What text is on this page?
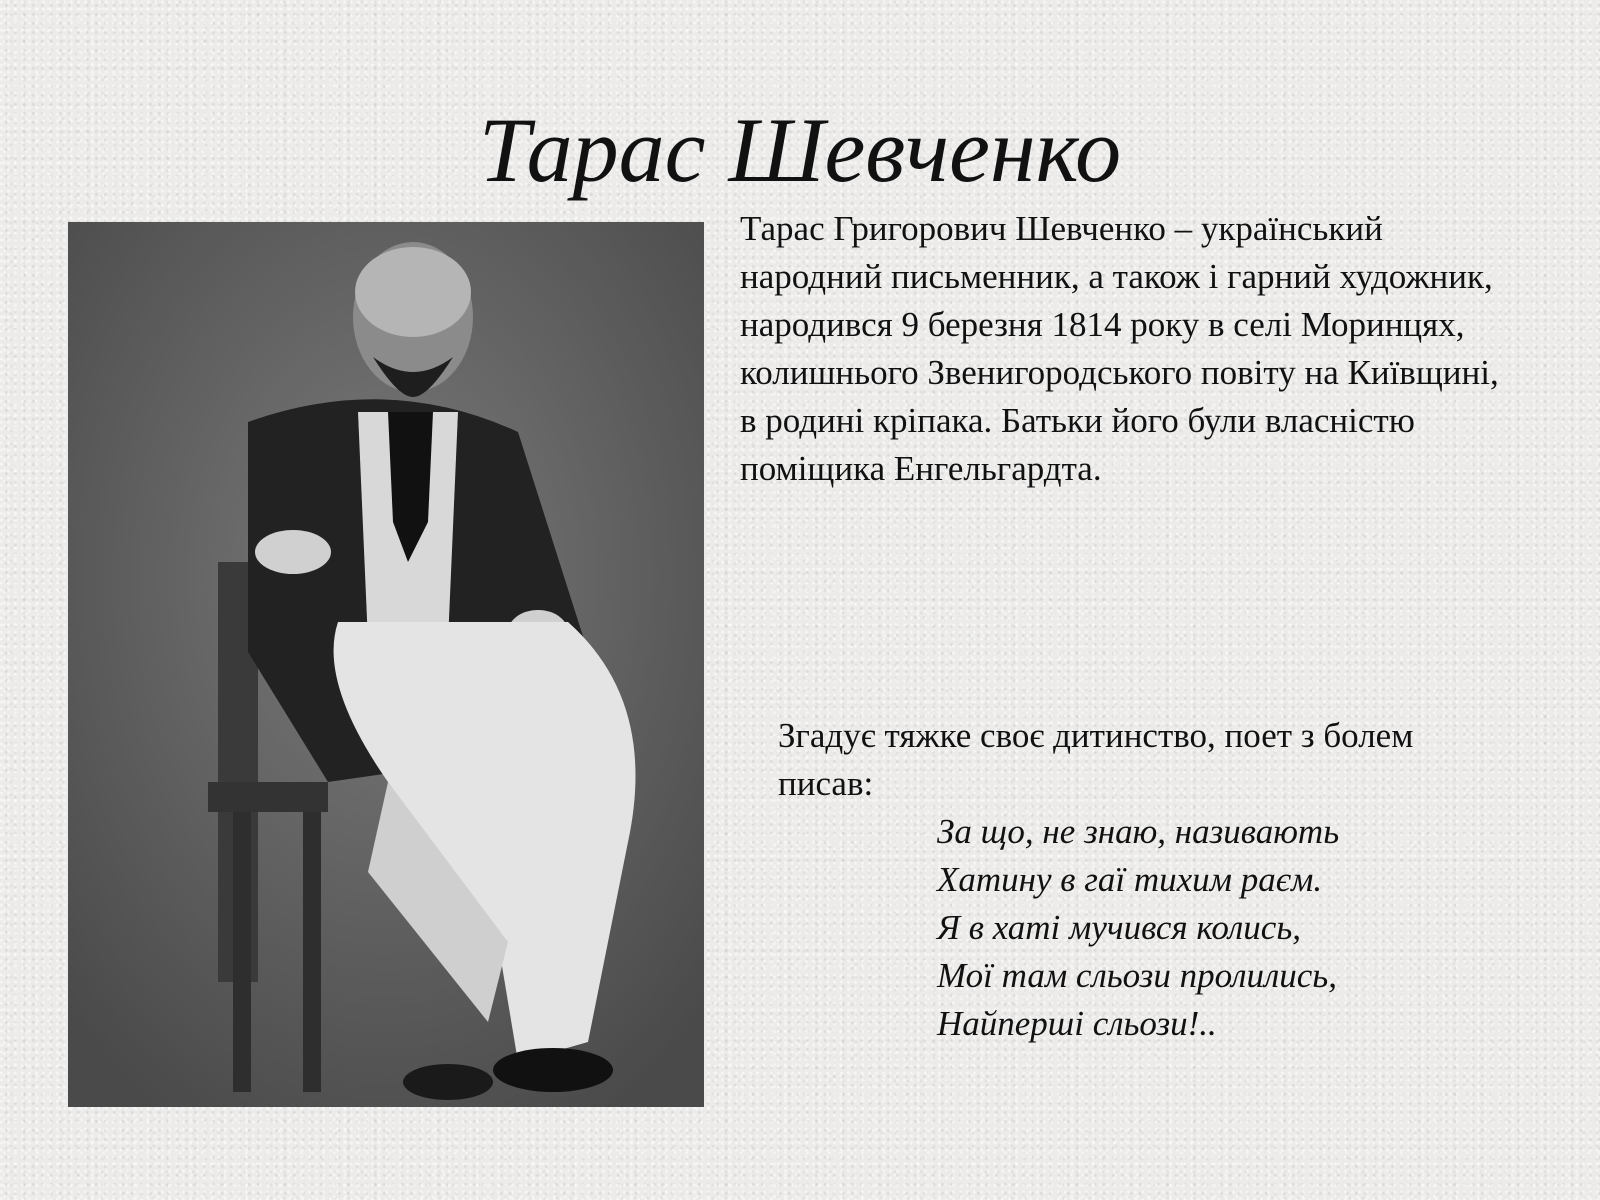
Тарас Шевченко

Тарас Григорович Шевченко – український народний письменник, а також і гарний художник, народився 9 березня 1814 року в селі Моринцях, колишнього Звенигородського повіту на Київщині, в родині кріпака. Батьки його були власністю поміщика Енгельгардта.

Згадує тяжке своє дитинство, поет з болем писав:

За що, не знаю, називають
Хатину в гаї тихим раєм.
Я в хаті мучився колись,
Мої там сльози пролились,
Найперші сльози!..
